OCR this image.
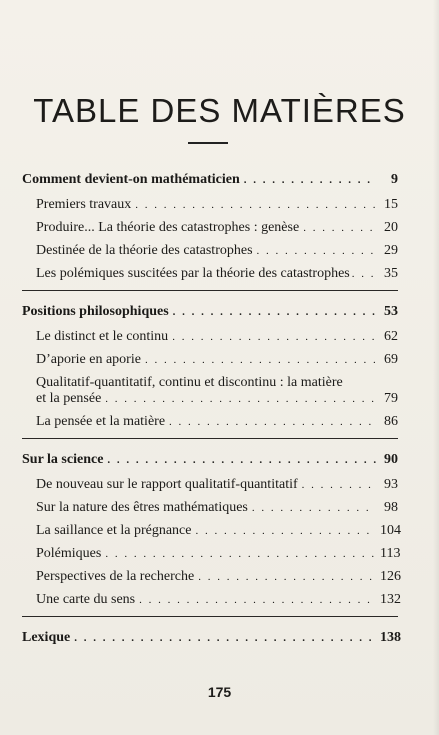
TABLE DES MATIÈRES
Comment devient-on mathématicien . . .	9
Premiers travaux . . .	15
Produire... La théorie des catastrophes : genèse . . .	20
Destinée de la théorie des catastrophes . . .	29
Les polémiques suscitées par la théorie des catastrophes . . . 35
Positions philosophiques . . .	53
Le distinct et le continu . . .	62
D’aporie en aporie . . .	69
Qualitatif-quantitatif, continu et discontinu : la matière
et la pensée . . .	79
La pensée et la matière . . .	86
Sur la science . . .	90
De nouveau sur le rapport qualitatif-quantitatif . . .	93
Sur la nature des êtres mathématiques . . .	98
La saillance et la prégnance . . .	104
Polémiques . . .	113
Perspectives de la recherche . . .	126
Une carte du sens . . .	132
Lexique . . .	138
175
